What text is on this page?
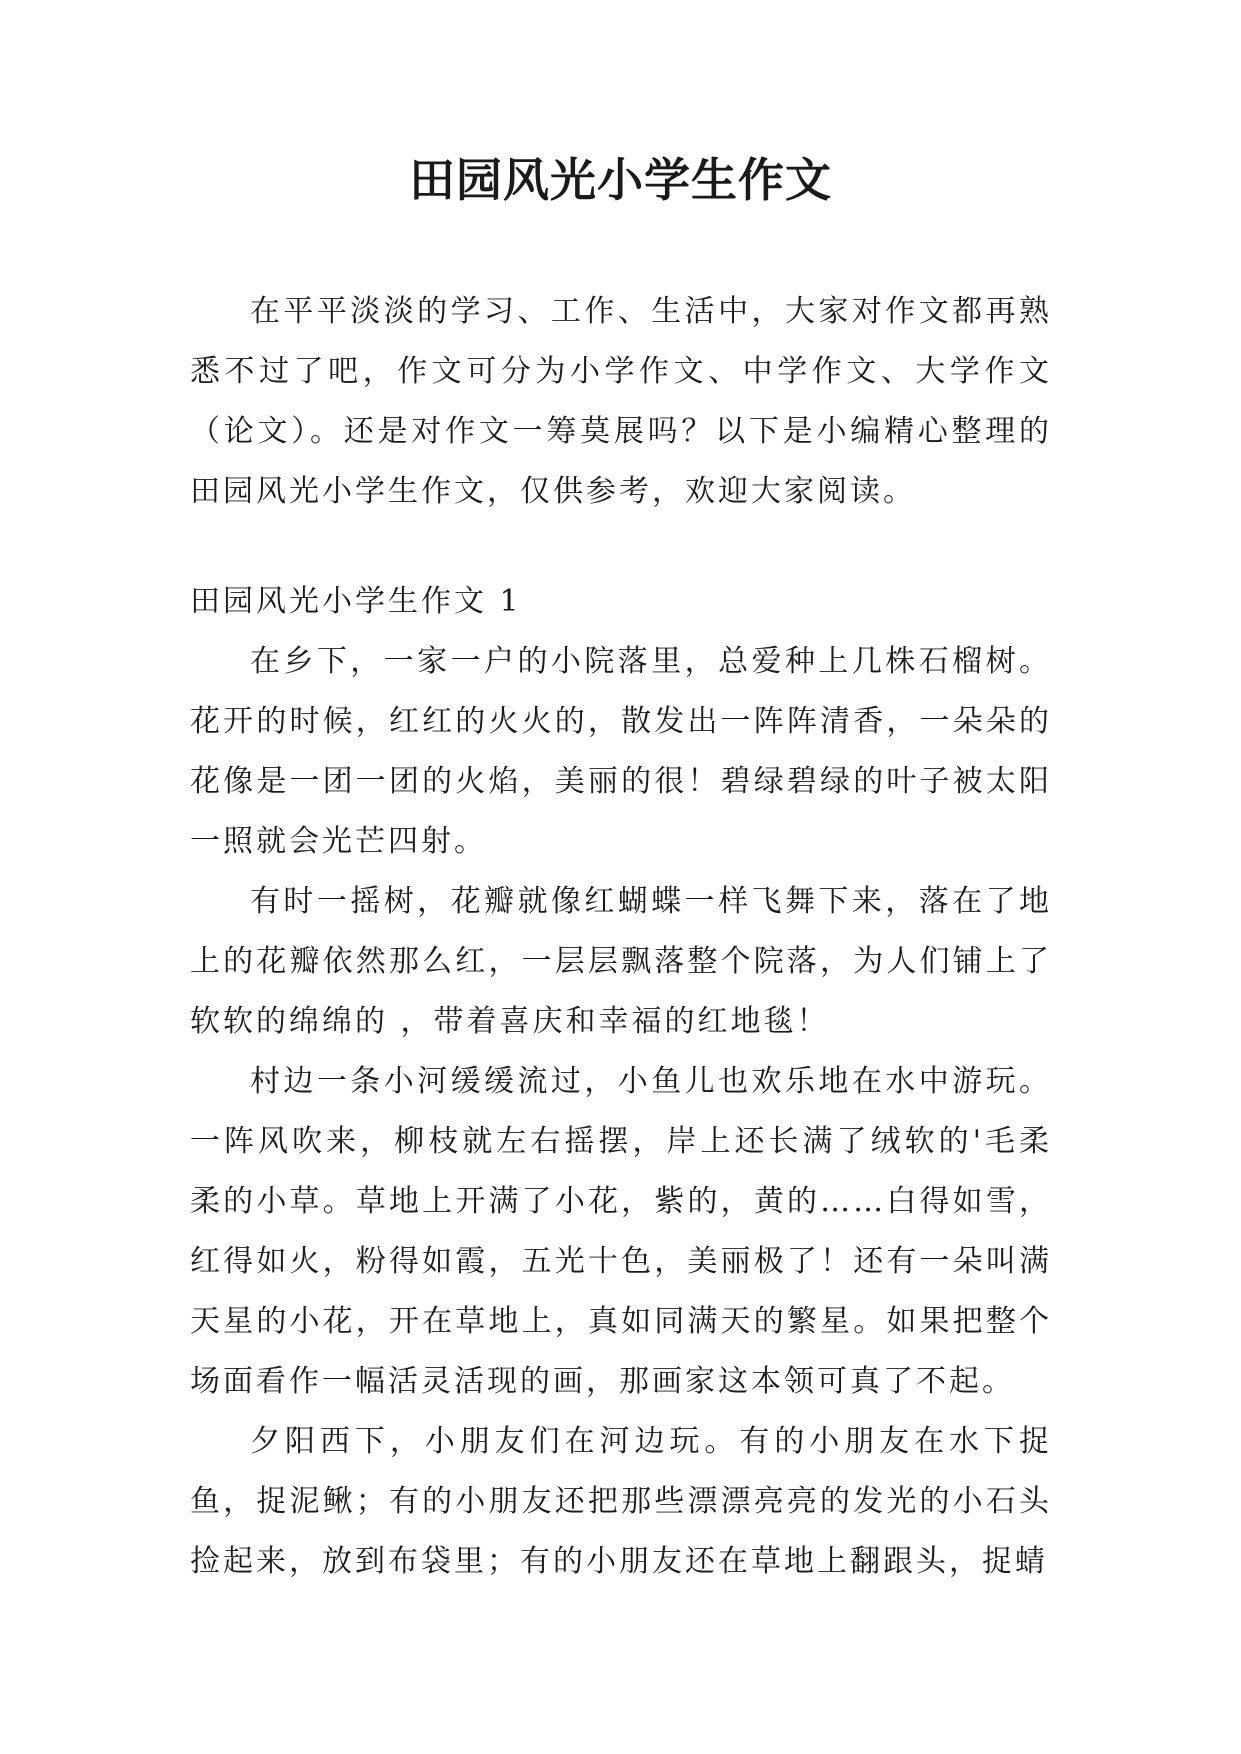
田园风光小学生作文

在平平淡淡的学习、工作、生活中，大家对作文都再熟悉不过了吧，作文可分为小学作文、中学作文、大学作文（论文）。还是对作文一筹莫展吗？以下是小编精心整理的田园风光小学生作文，仅供参考，欢迎大家阅读。

田园风光小学生作文 1

在乡下，一家一户的小院落里，总爱种上几株石榴树。花开的时候，红红的火火的，散发出一阵阵清香，一朵朵的花像是一团一团的火焰，美丽的很！碧绿碧绿的叶子被太阳一照就会光芒四射。

有时一摇树，花瓣就像红蝴蝶一样飞舞下来，落在了地上的花瓣依然那么红，一层层飘落整个院落，为人们铺上了软软的绵绵的 ，带着喜庆和幸福的红地毯！

村边一条小河缓缓流过，小鱼儿也欢乐地在水中游玩。一阵风吹来，柳枝就左右摇摆，岸上还长满了绒软的'毛柔柔的小草。草地上开满了小花，紫的，黄的……白得如雪，红得如火，粉得如霞，五光十色，美丽极了！还有一朵叫满天星的小花，开在草地上，真如同满天的繁星。如果把整个场面看作一幅活灵活现的画，那画家这本领可真了不起。

夕阳西下，小朋友们在河边玩。有的小朋友在水下捉鱼，捉泥鳅；有的小朋友还把那些漂漂亮亮的发光的小石头捡起来，放到布袋里；有的小朋友还在草地上翻跟头，捉蜻
